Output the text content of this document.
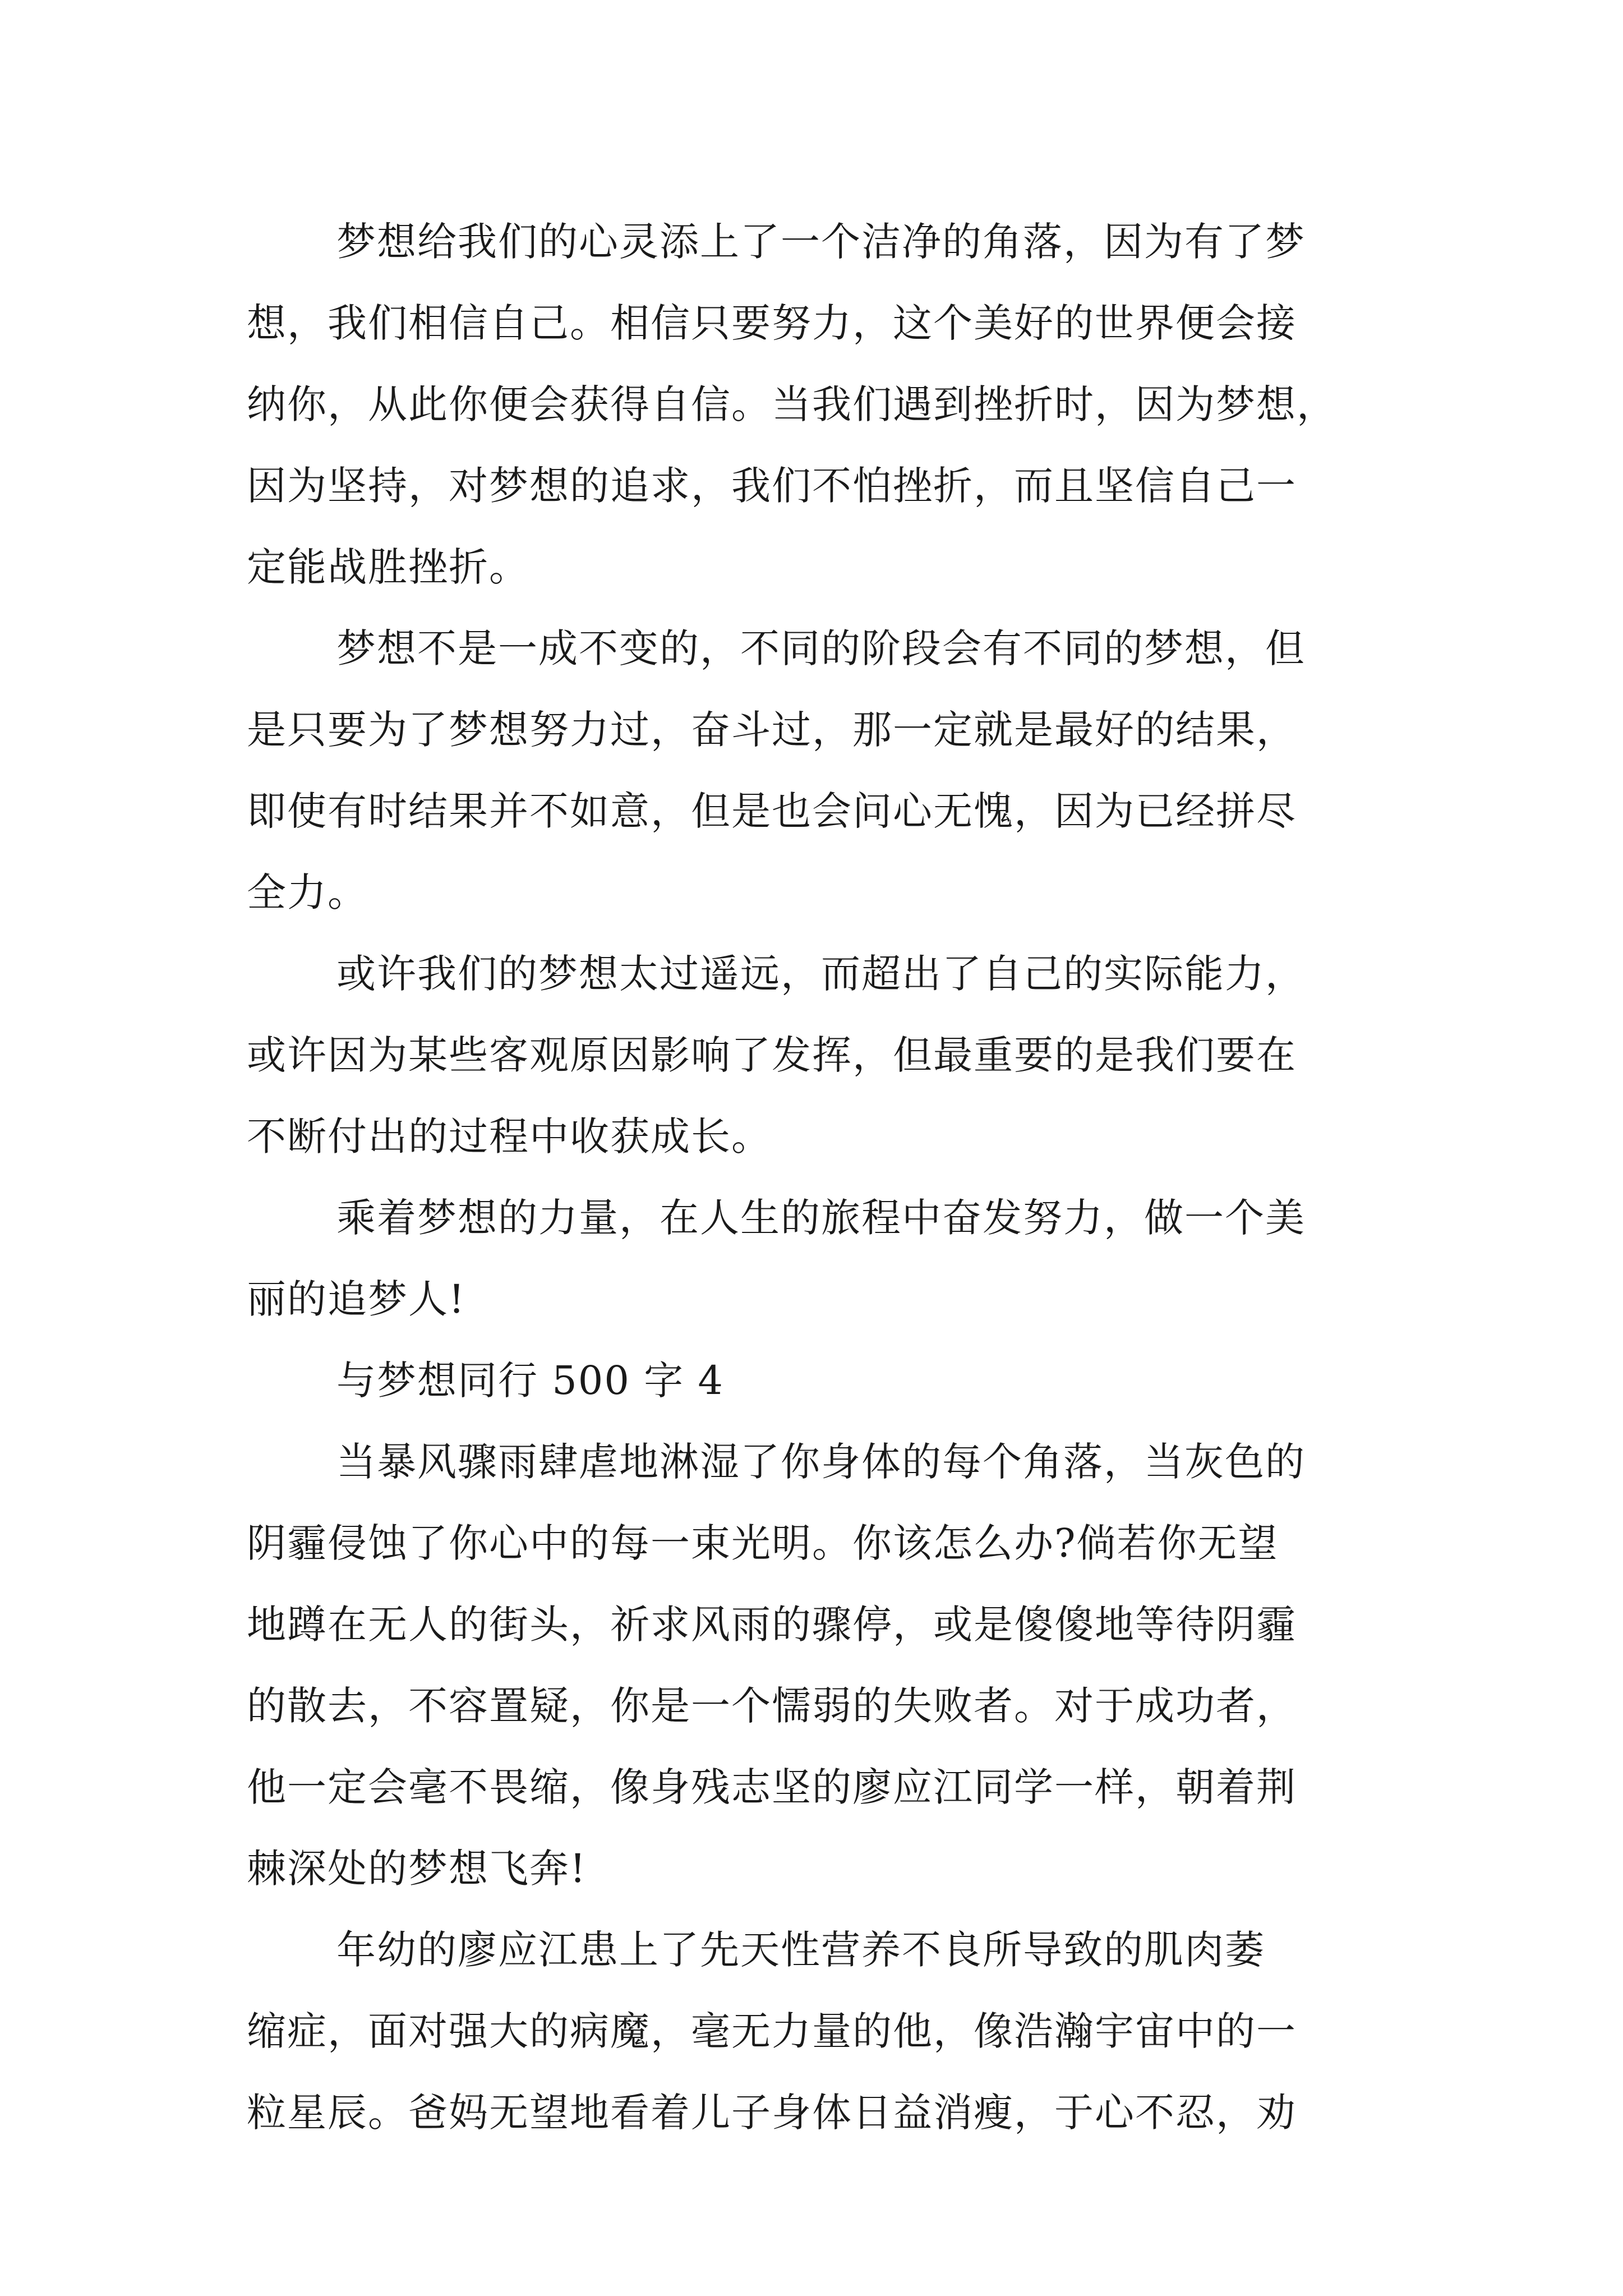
梦想给我们的心灵添上了一个洁净的角落，因为有了梦
想，我们相信自己。相信只要努力，这个美好的世界便会接
纳你，从此你便会获得自信。当我们遇到挫折时，因为梦想，
因为坚持，对梦想的追求，我们不怕挫折，而且坚信自己一
定能战胜挫折。
梦想不是一成不变的，不同的阶段会有不同的梦想，但
是只要为了梦想努力过，奋斗过，那一定就是最好的结果，
即使有时结果并不如意，但是也会问心无愧，因为已经拼尽
全力。
或许我们的梦想太过遥远，而超出了自己的实际能力，
或许因为某些客观原因影响了发挥，但最重要的是我们要在
不断付出的过程中收获成长。
乘着梦想的力量，在人生的旅程中奋发努力，做一个美
丽的追梦人!
与梦想同行 500 字 4
当暴风骤雨肆虐地淋湿了你身体的每个角落，当灰色的
阴霾侵蚀了你心中的每一束光明。你该怎么办?倘若你无望
地蹲在无人的街头，祈求风雨的骤停，或是傻傻地等待阴霾
的散去，不容置疑，你是一个懦弱的失败者。对于成功者，
他一定会毫不畏缩，像身残志坚的廖应江同学一样，朝着荆
棘深处的梦想飞奔!
年幼的廖应江患上了先天性营养不良所导致的肌肉萎
缩症，面对强大的病魔，毫无力量的他，像浩瀚宇宙中的一
粒星辰。爸妈无望地看着儿子身体日益消瘦，于心不忍，劝
